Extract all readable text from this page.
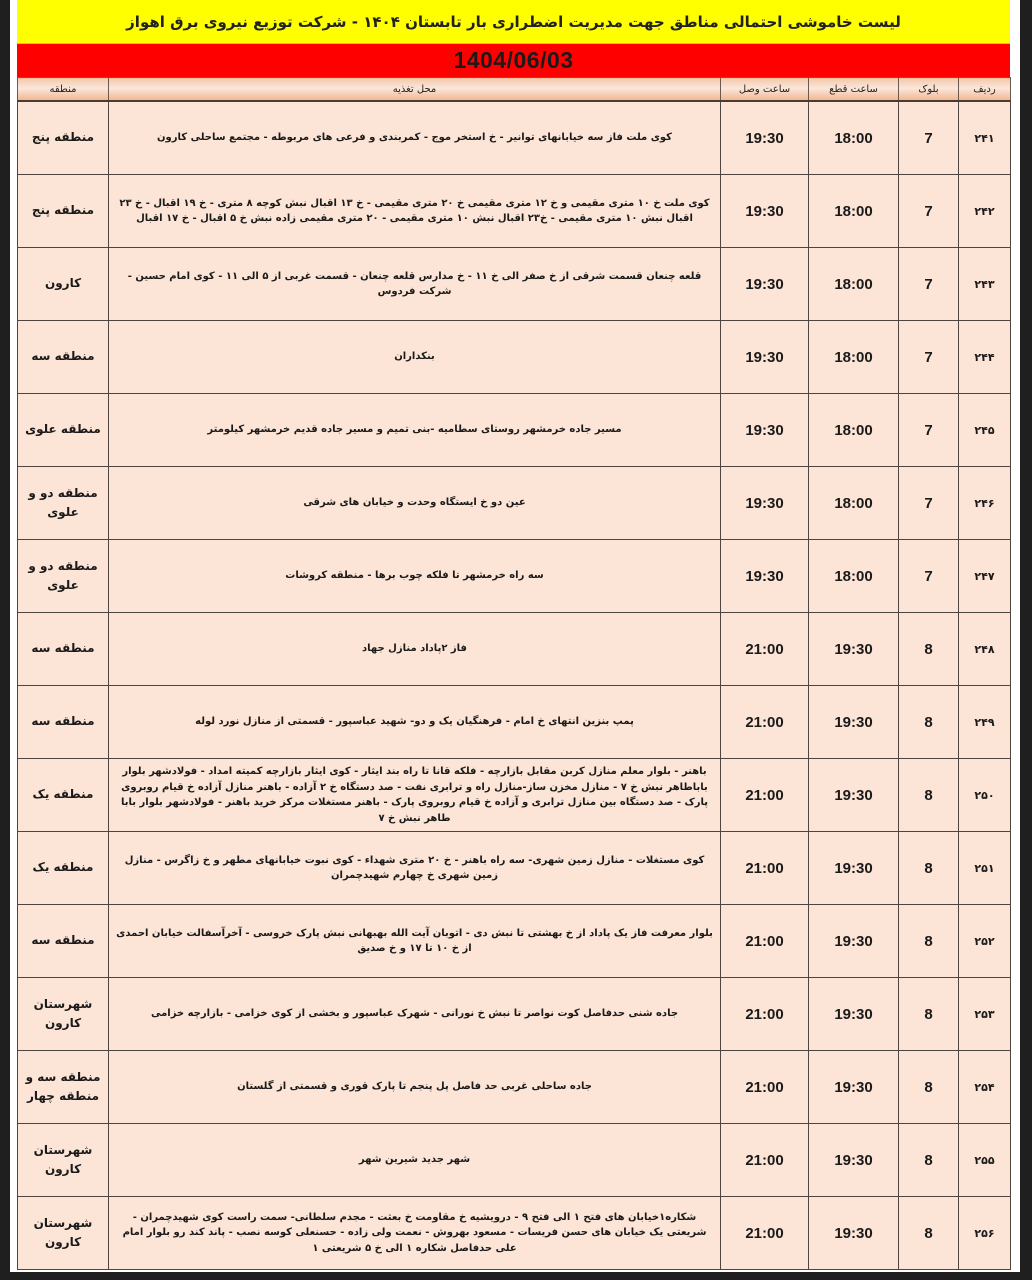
لیست خاموشی احتمالی مناطق جهت مدیریت اضطراری بار تابستان ۱۴۰۴ - شرکت توزیع نیروی برق اهواز
1404/06/03
ردیف	بلوک	ساعت قطع	ساعت وصل	محل تغذیه	منطقه
۲۴۱	7	18:00	19:30	کوی ملت فاز سه خیابانهای توانیر - خ استخر موج - کمربندی و فرعی های مربوطه - مجتمع ساحلی کارون	منطقه پنج
۲۴۲	7	18:00	19:30	کوی ملت خ ۱۰ متری مقیمی و خ ۱۲ متری مقیمی خ ۲۰ متری مقیمی - خ ۱۳ اقبال نبش کوچه ۸ متری - خ ۱۹ اقبال - خ ۲۳ اقبال نبش ۱۰ متری مقیمی - خ۲۳ اقبال نبش ۱۰ متری مقیمی - ۲۰ متری مقیمی زاده نبش خ ۵ اقبال - خ ۱۷ اقبال	منطقه پنج
۲۴۳	7	18:00	19:30	قلعه چنعان قسمت شرقی از خ صفر الی خ ۱۱ - خ مدارس قلعه چنعان - قسمت غربی از ۵ الی ۱۱ - کوی امام حسین - شرکت فردوس	کارون
۲۴۴	7	18:00	19:30	بنکداران	منطقه سه
۲۴۵	7	18:00	19:30	مسیر جاده خرمشهر روستای سطامیه -بنی تمیم و مسیر جاده قدیم خرمشهر کیلومتر	منطقه علوی
۲۴۶	7	18:00	19:30	عین دو خ ایستگاه وحدت و خیابان های شرقی	منطقه دو و علوی
۲۴۷	7	18:00	19:30	سه راه خرمشهر تا فلکه چوب برها - منطقه کروشات	منطقه دو و علوی
۲۴۸	8	19:30	21:00	فاز ۲پاداد منازل جهاد	منطقه سه
۲۴۹	8	19:30	21:00	پمپ بنزین انتهای خ امام - فرهنگیان یک و دو- شهید عباسپور - قسمتی از منازل نورد لوله	منطقه سه
۲۵۰	8	19:30	21:00	باهنر - بلوار معلم منازل کربن مقابل بازارچه - فلکه قانا تا راه بند ایثار - کوی ایثار بازارچه کمیته امداد - فولادشهر بلوار باباطاهر نبش خ ۷ - منازل مخزن ساز-منازل راه و ترابری نفت - صد دستگاه خ ۲ آزاده - باهنر منازل آزاده خ قیام روبروی پارک - صد دستگاه بین منازل ترابری و آزاده خ قیام روبروی پارک - باهنر مستغلات مرکز خرید باهنر - فولادشهر بلوار بابا طاهر نبش خ ۷	منطقه یک
۲۵۱	8	19:30	21:00	کوی مستغلات - منازل زمین شهری- سه راه باهنر - خ ۲۰ متری شهداء - کوی نبوت خیابانهای مطهر و خ زاگرس - منازل زمین شهری خ چهارم شهیدچمران	منطقه یک
۲۵۲	8	19:30	21:00	بلوار معرفت فاز یک پاداد از خ بهشتی تا نبش دی - اتوبان آیت الله بهبهانی نبش پارک خروسی - آخرآسفالت خیابان احمدی از خ ۱۰ تا ۱۷ و خ صدیق	منطقه سه
۲۵۳	8	19:30	21:00	جاده شنی حدفاصل کوت نواصر تا نبش خ نورانی - شهرک عباسپور و بخشی از کوی خزامی - بازارچه خزامی	شهرستان کارون
۲۵۴	8	19:30	21:00	جاده ساحلی غربی حد فاصل پل پنجم تا پارک قوری و قسمتی از گلستان	منطقه سه و منطقه چهار
۲۵۵	8	19:30	21:00	شهر جدید شیرین شهر	شهرستان کارون
۲۵۶	8	19:30	21:00	شکاره۱خیابان های فتح ۱ الی فتح ۹ - درویشیه خ مقاومت خ بعثت - مجدم سلطانی- سمت راست کوی شهیدچمران - شریعتی یک خیابان های حسن فریسات - مسعود بهروش - نعمت ولی زاده - حسنعلی کوسه نصب - پاند کند رو بلوار امام علی حدفاصل شکاره ۱ الی خ ۵ شریعتی ۱	شهرستان کارون
